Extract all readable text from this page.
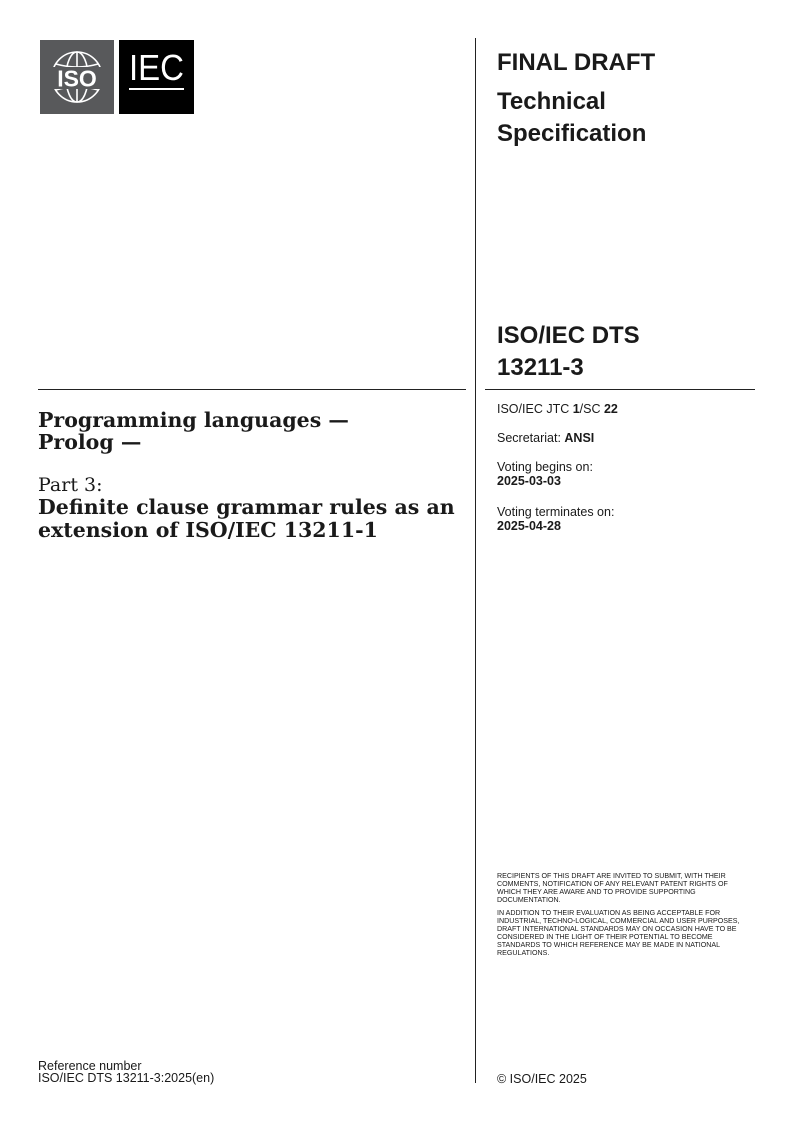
ISO IEC	FINAL DRAFT
Technical
Specification
ISO/IEC DTS
13211-3
ISO/IEC JTC 1/SC 22
Secretariat: ANSI
Voting begins on:
2025-03-03
Voting terminates on:
2025-04-28
Programming languages —
Prolog —
Part 3:
Definite clause grammar rules as an
extension of ISO/IEC 13211-1
RECIPIENTS OF THIS DRAFT ARE INVITED TO SUBMIT, WITH THEIR COMMENTS, NOTIFICATION OF ANY RELEVANT PATENT RIGHTS OF WHICH THEY ARE AWARE AND TO PROVIDE SUPPORTING DOCUMENTATION.
IN ADDITION TO THEIR EVALUATION AS BEING ACCEPTABLE FOR INDUSTRIAL, TECHNO-LOGICAL, COMMERCIAL AND USER PURPOSES, DRAFT INTERNATIONAL STANDARDS MAY ON OCCASION HAVE TO BE CONSIDERED IN THE LIGHT OF THEIR POTENTIAL TO BECOME STANDARDS TO WHICH REFERENCE MAY BE MADE IN NATIONAL REGULATIONS.
Reference number
ISO/IEC DTS 13211-3:2025(en)	© ISO/IEC 2025
